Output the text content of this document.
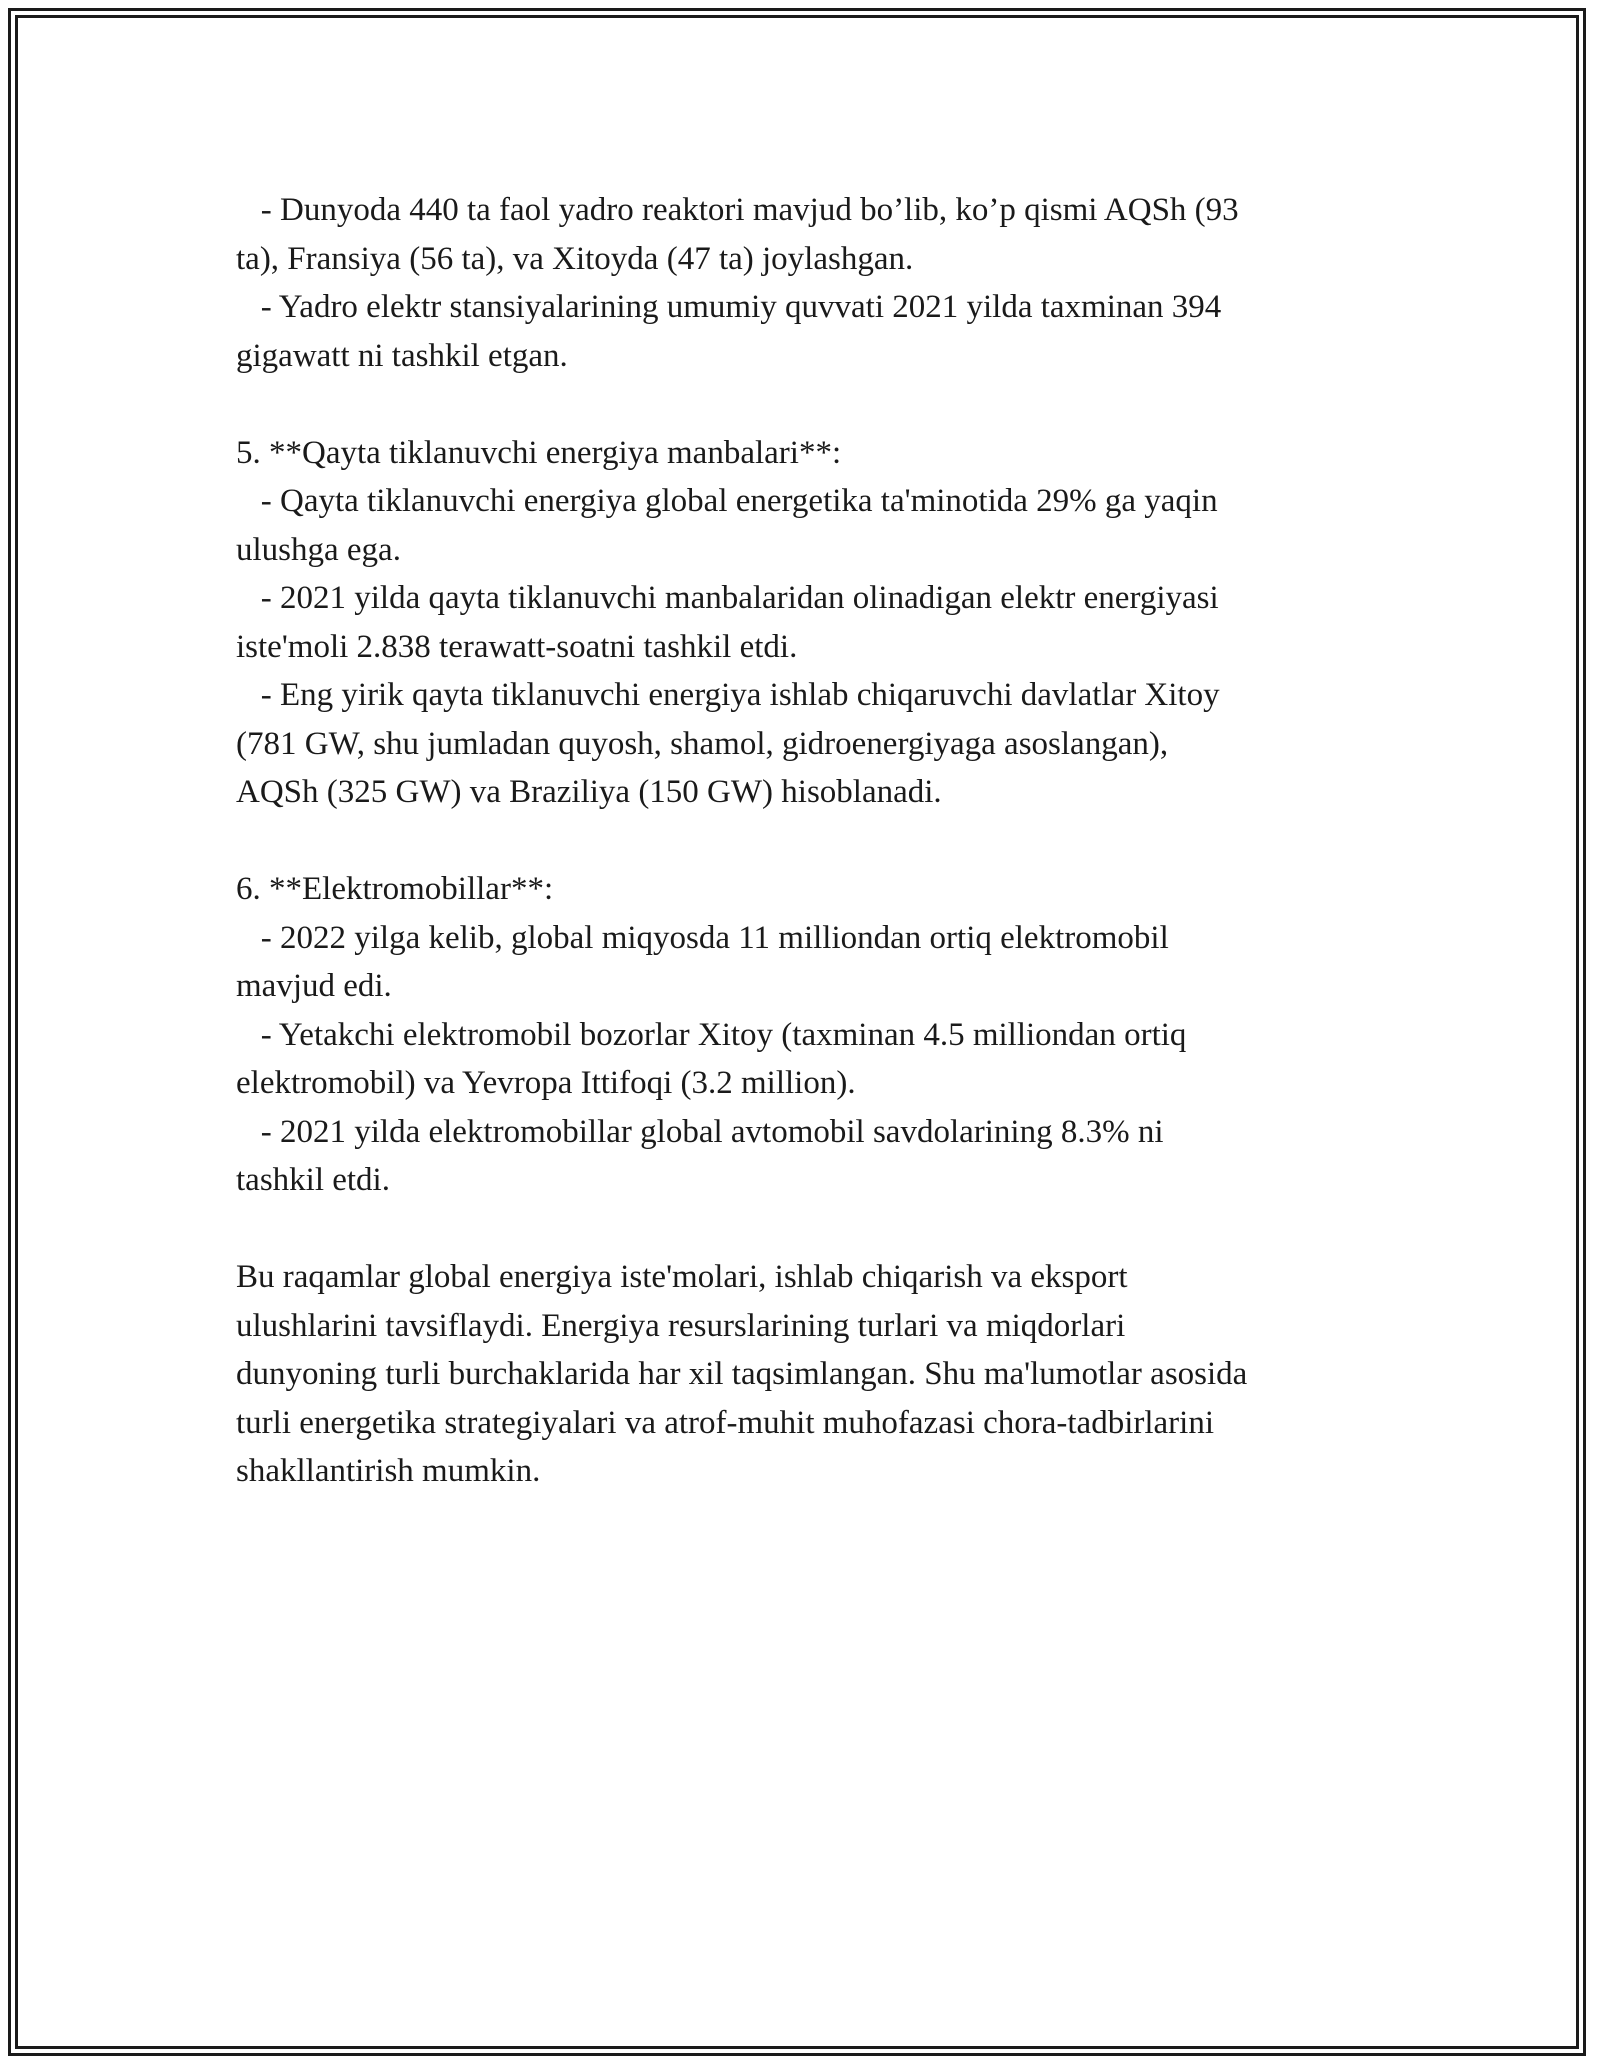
- Dunyoda 440 ta faol yadro reaktori mavjud bo’lib, ko’p qismi AQSh (93
ta), Fransiya (56 ta), va Xitoyda (47 ta) joylashgan.
- Yadro elektr stansiyalarining umumiy quvvati 2021 yilda taxminan 394
gigawatt ni tashkil etgan.
5. **Qayta tiklanuvchi energiya manbalari**:
- Qayta tiklanuvchi energiya global energetika ta'minotida 29% ga yaqin
ulushga ega.
- 2021 yilda qayta tiklanuvchi manbalaridan olinadigan elektr energiyasi
iste'moli 2.838 terawatt-soatni tashkil etdi.
- Eng yirik qayta tiklanuvchi energiya ishlab chiqaruvchi davlatlar Xitoy
(781 GW, shu jumladan quyosh, shamol, gidroenergiyaga asoslangan),
AQSh (325 GW) va Braziliya (150 GW) hisoblanadi.
6. **Elektromobillar**:
- 2022 yilga kelib, global miqyosda 11 milliondan ortiq elektromobil
mavjud edi.
- Yetakchi elektromobil bozorlar Xitoy (taxminan 4.5 milliondan ortiq
elektromobil) va Yevropa Ittifoqi (3.2 million).
- 2021 yilda elektromobillar global avtomobil savdolarining 8.3% ni
tashkil etdi.
Bu raqamlar global energiya iste'molari, ishlab chiqarish va eksport
ulushlarini tavsiflaydi. Energiya resurslarining turlari va miqdorlari
dunyoning turli burchaklarida har xil taqsimlangan. Shu ma'lumotlar asosida
turli energetika strategiyalari va atrof-muhit muhofazasi chora-tadbirlarini
shakllantirish mumkin.
